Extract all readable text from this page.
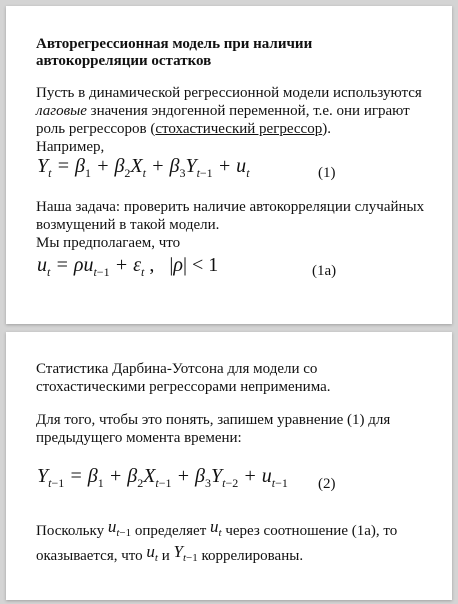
Авторегрессионная модель при наличии
автокорреляции остатков
Пусть в динамической регрессионной модели используются
лаговые значения эндогенной переменной, т.е. они играют
роль регрессоров (стохастический регрессор).
Например,
$Y_t = \beta_1 + \beta_2X_t + \beta_3Y_{t-1} + u_t$	(1)
Наша задача: проверить наличие автокорреляции случайных
возмущений в такой модели.
Мы предполагаем, что
$u_t = \rho u_{t-1} + \varepsilon_t$ ,   |ρ| < 1	(1a)
Статистика Дарбина-Уотсона для модели со
стохастическими регрессорами неприменима.
Для того, чтобы это понять, запишем уравнение (1) для
предыдущего момента времени:
$Y_{t-1} = \beta_1 + \beta_2X_{t-1} + \beta_3Y_{t-2} + u_{t-1}$ (2)
Поскольку $u_{t-1}$ определяет $u_t$ через соотношение (1a), то
оказывается, что $u_t$ и $Y_{t-1}$ коррелированы.
